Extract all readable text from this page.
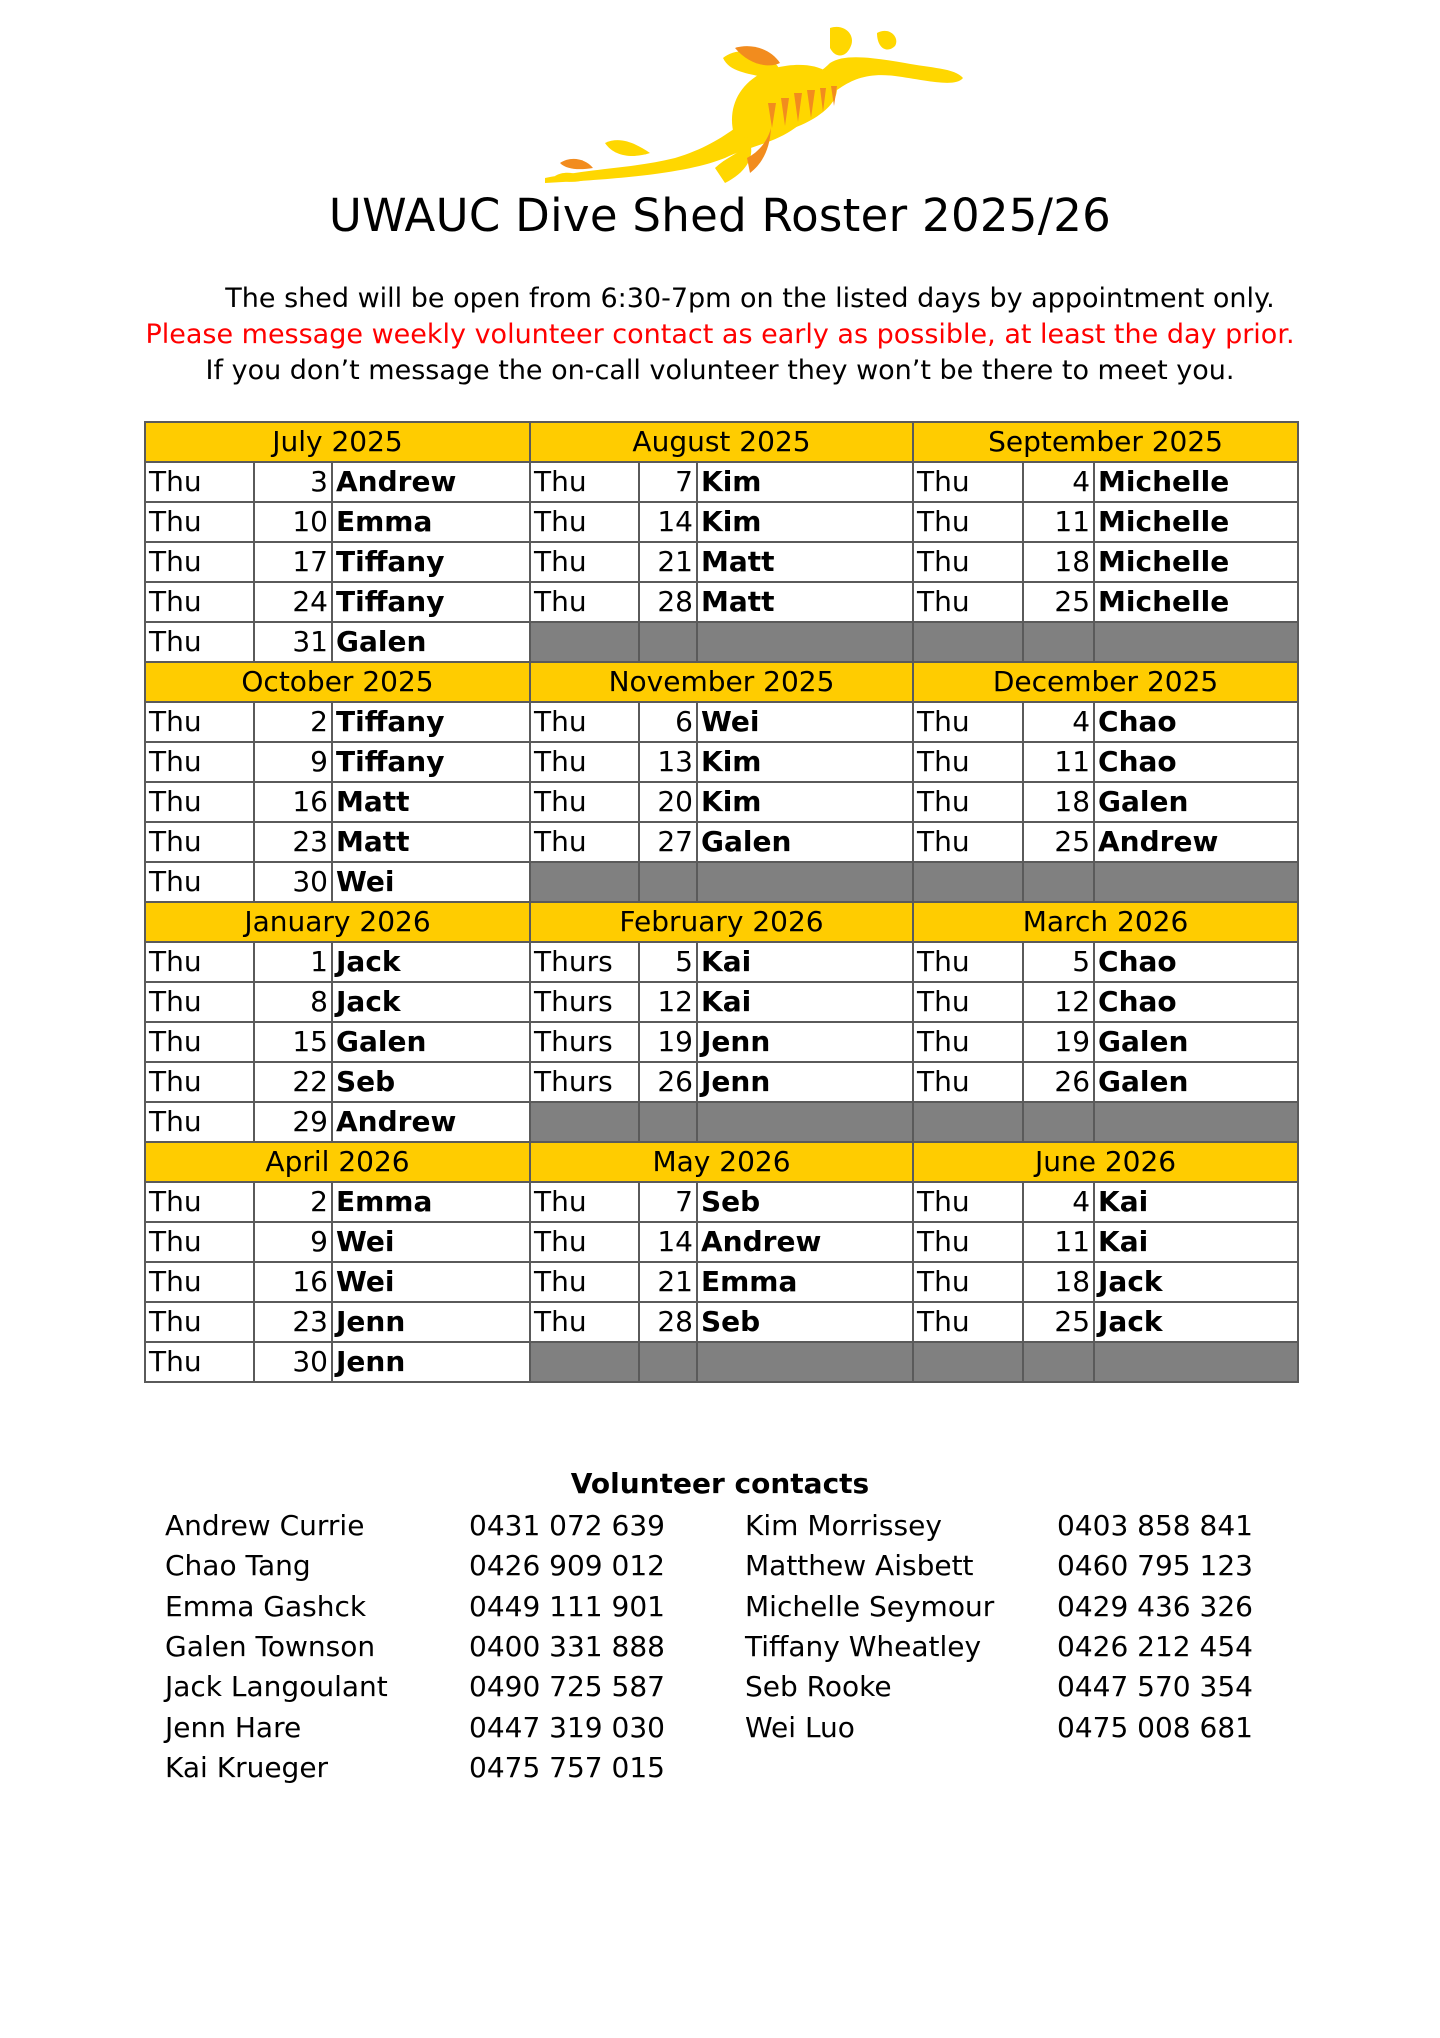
UWAUC Dive Shed Roster 2025/26
The shed will be open from 6:30-7pm on the listed days by appointment only.
Please message weekly volunteer contact as early as possible, at least the day prior.
If you don’t message the on-call volunteer they won’t be there to meet you.
July 2025			August 2025			September 2025		
Thu	3	Andrew	Thu	7	Kim	Thu	4	Michelle
Thu	10	Emma	Thu	14	Kim	Thu	11	Michelle
Thu	17	Tiffany	Thu	21	Matt	Thu	18	Michelle
Thu	24	Tiffany	Thu	28	Matt	Thu	25	Michelle
Thu	31	Galen						
October 2025			November 2025			December 2025		
Thu	2	Tiffany	Thu	6	Wei	Thu	4	Chao
Thu	9	Tiffany	Thu	13	Kim	Thu	11	Chao
Thu	16	Matt	Thu	20	Kim	Thu	18	Galen
Thu	23	Matt	Thu	27	Galen	Thu	25	Andrew
Thu	30	Wei						
January 2026			February 2026			March 2026		
Thu	1	Jack	Thurs	5	Kai	Thu	5	Chao
Thu	8	Jack	Thurs	12	Kai	Thu	12	Chao
Thu	15	Galen	Thurs	19	Jenn	Thu	19	Galen
Thu	22	Seb	Thurs	26	Jenn	Thu	26	Galen
Thu	29	Andrew						
April 2026			May 2026			June 2026		
Thu	2	Emma	Thu	7	Seb	Thu	4	Kai
Thu	9	Wei	Thu	14	Andrew	Thu	11	Kai
Thu	16	Wei	Thu	21	Emma	Thu	18	Jack
Thu	23	Jenn	Thu	28	Seb	Thu	25	Jack
Thu	30	Jenn						
Volunteer contacts
Andrew Currie	0431 072 639
Chao Tang	0426 909 012
Emma Gashck	0449 111 901
Galen Townson	0400 331 888
Jack Langoulant	0490 725 587
Jenn Hare	0447 319 030
Kai Krueger	0475 757 015
Kim Morrissey	0403 858 841
Matthew Aisbett	0460 795 123
Michelle Seymour 0429 436 326
Tiffany Wheatley	0426 212 454
Seb Rooke	0447 570 354
Wei Luo	0475 008 681
